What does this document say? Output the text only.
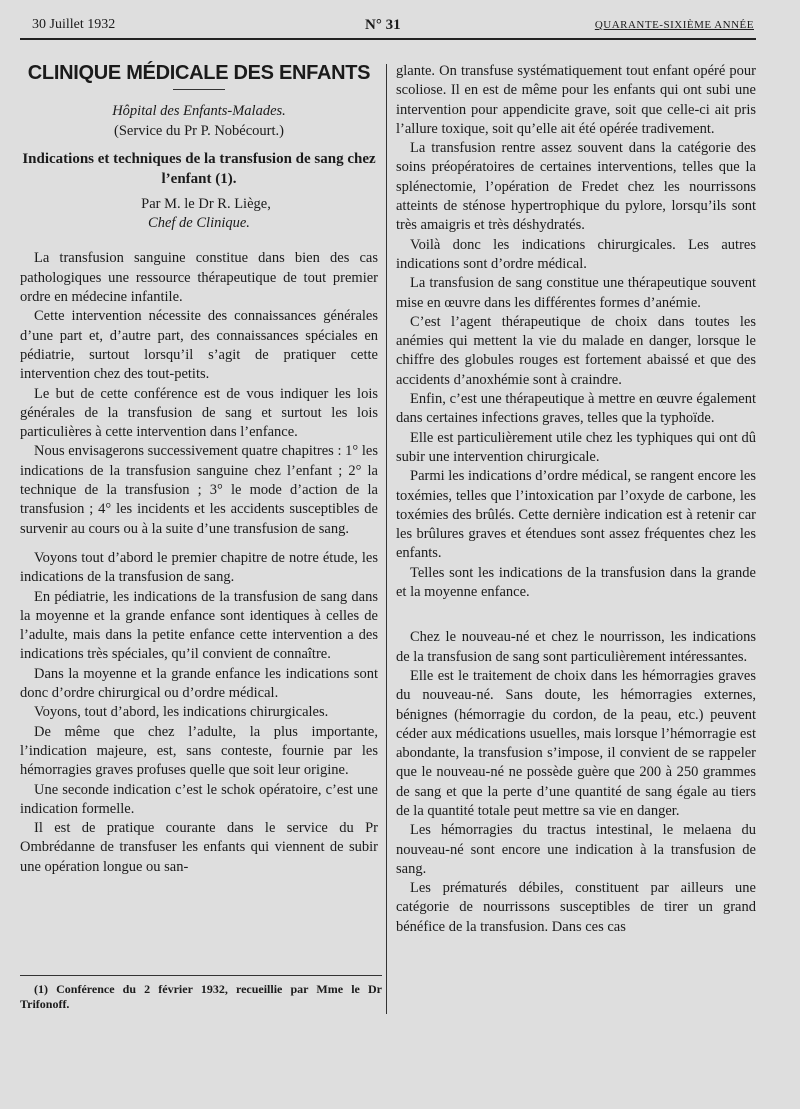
30 Juillet 1932	N° 31	QUARANTE-SIXIÈME ANNÉE
CLINIQUE MÉDICALE DES ENFANTS

Hôpital des Enfants-Malades.

(Service du Pr P. Nobécourt.)

Indications et techniques de la transfusion de sang chez l’enfant (1).

Par M. le Dr R. Liège,
Chef de Clinique.

La transfusion sanguine constitue dans bien des cas pathologiques une ressource thérapeutique de tout premier ordre en médecine infantile.

Cette intervention nécessite des connaissances générales d’une part et, d’autre part, des connaissances spéciales en pédiatrie, surtout lorsqu’il s’agit de pratiquer cette intervention chez des tout-petits.

Le but de cette conférence est de vous indiquer les lois générales de la transfusion de sang et surtout les lois particulières à cette intervention dans l’enfance.

Nous envisagerons successivement quatre chapitres : 1° les indications de la transfusion sanguine chez l’enfant ; 2° la technique de la transfusion ; 3° le mode d’action de la transfusion ; 4° les incidents et les accidents susceptibles de survenir au cours ou à la suite d’une transfusion de sang.

Voyons tout d’abord le premier chapitre de notre étude, les indications de la transfusion de sang.

En pédiatrie, les indications de la transfusion de sang dans la moyenne et la grande enfance sont identiques à celles de l’adulte, mais dans la petite enfance cette intervention a des indications très spéciales, qu’il convient de connaître.

Dans la moyenne et la grande enfance les indications sont donc d’ordre chirurgical ou d’ordre médical.

Voyons, tout d’abord, les indications chirurgicales.

De même que chez l’adulte, la plus importante, l’indication majeure, est, sans conteste, fournie par les hémorragies graves profuses quelle que soit leur origine.

Une seconde indication c’est le schok opératoire, c’est une indication formelle.

Il est de pratique courante dans le service du Pr Ombrédanne de transfuser les enfants qui viennent de subir une opération longue ou san-

(1) Conférence du 2 février 1932, recueillie par Mme le Dr Trifonoff.

glante. On transfuse systématiquement tout enfant opéré pour scoliose. Il en est de même pour les enfants qui ont subi une intervention pour appendicite grave, soit que celle-ci ait pris l’allure toxique, soit qu’elle ait été opérée tradivement.

La transfusion rentre assez souvent dans la catégorie des soins préopératoires de certaines interventions, telles que la splénectomie, l’opération de Fredet chez les nourrissons atteints de sténose hypertrophique du pylore, lorsqu’ils sont très amaigris et très déshydratés.

Voilà donc les indications chirurgicales. Les autres indications sont d’ordre médical.

La transfusion de sang constitue une thérapeutique souvent mise en œuvre dans les différentes formes d’anémie.

C’est l’agent thérapeutique de choix dans toutes les anémies qui mettent la vie du malade en danger, lorsque le chiffre des globules rouges est fortement abaissé et que des accidents d’anoxhémie sont à craindre.

Enfin, c’est une thérapeutique à mettre en œuvre également dans certaines infections graves, telles que la typhoïde.

Elle est particulièrement utile chez les typhiques qui ont dû subir une intervention chirurgicale.

Parmi les indications d’ordre médical, se rangent encore les toxémies, telles que l’intoxication par l’oxyde de carbone, les toxémies des brûlés. Cette dernière indication est à retenir car les brûlures graves et étendues sont assez fréquentes chez les enfants.

Telles sont les indications de la transfusion dans la grande et la moyenne enfance.

Chez le nouveau-né et chez le nourrisson, les indications de la transfusion de sang sont particulièrement intéressantes.

Elle est le traitement de choix dans les hémorragies graves du nouveau-né. Sans doute, les hémorragies externes, bénignes (hémorragie du cordon, de la peau, etc.) peuvent céder aux médications usuelles, mais lorsque l’hémorragie est abondante, la transfusion s’impose, il convient de se rappeler que le nouveau-né ne possède guère que 200 à 250 grammes de sang et que la perte d’une quantité de sang égale au tiers de la quantité totale peut mettre sa vie en danger.

Les hémorragies du tractus intestinal, le melaena du nouveau-né sont encore une indication à la transfusion de sang.

Les prématurés débiles, constituent par ailleurs une catégorie de nourrissons susceptibles de tirer un grand bénéfice de la transfusion. Dans ces cas
